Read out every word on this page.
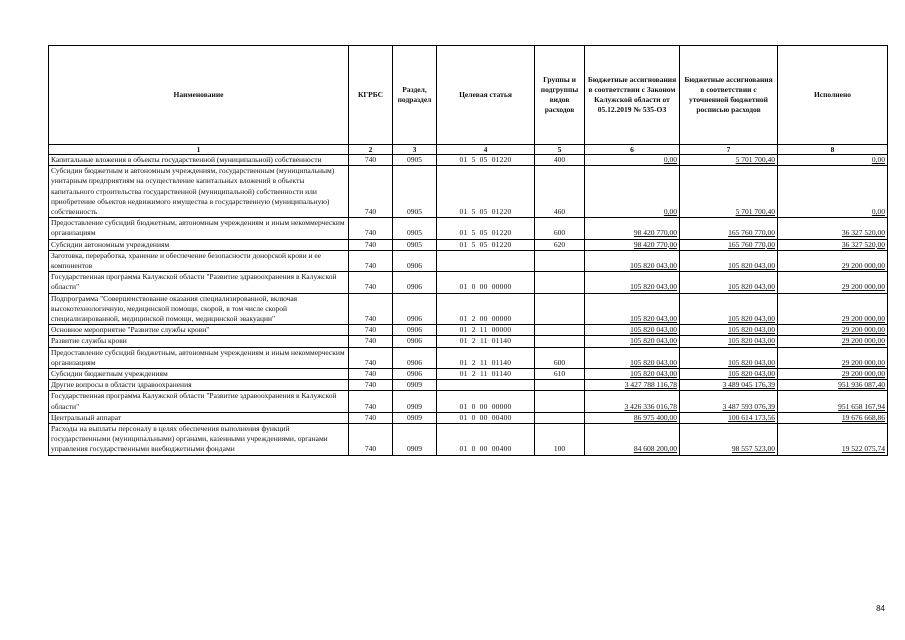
Наименование	КГРБС	Раздел, подраздел	Целевая статья	Группы и подгруппы видов расходов	Бюджетные ассигнования в соответствии с Законом Калужской области от 05.12.2019 № 535-ОЗ	Бюджетные ассигнования в соответствии с уточненной бюджетной росписью расходов	Исполнено
1	2	3	4	5	6	7	8
Капитальные вложения в объекты государственной (муниципальной) собственности	740	0905	01  5  05  01220	400	0,00	5 701 700,40	0,00
Субсидии бюджетным и автономным учреждениям, государственным (муниципальным) унитарным предприятиям на осуществление капитальных вложений в объекты капитального строительства государственной (муниципальной) собственности или приобретение объектов недвижимого имущества в государственную (муниципальную) собственность	740	0905	01  5  05  01220	460	0,00	5 701 700,40	0,00
Предоставление субсидий бюджетным, автономным учреждениям и иным некоммерческим организациям	740	0905	01  5  05  01220	600	98 420 770,00	165 760 770,00	36 327 520,00
Субсидии автономным учреждениям	740	0905	01  5  05  01220	620	98 420 770,00	165 760 770,00	36 327 520,00
Заготовка, переработка, хранение и обеспечение безопасности донорской крови и ее компонентов	740	0906			105 820 043,00	105 820 043,00	29 200 000,00
Государственная программа Калужской области "Развитие здравоохранения в Калужской области"	740	0906	01  0  00  00000		105 820 043,00	105 820 043,00	29 200 000,00
Подпрограмма "Совершенствование оказания специализированной, включая высокотехнологичную, медицинской помощи, скорой, в том числе скорой специализированной, медицинской помощи, медицинской эвакуации"	740	0906	01  2  00  00000		105 820 043,00	105 820 043,00	29 200 000,00
Основное мероприятие "Развитие службы крови"	740	0906	01  2  11  00000		105 820 043,00	105 820 043,00	29 200 000,00
Развитие службы крови	740	0906	01  2  11  01140		105 820 043,00	105 820 043,00	29 200 000,00
Предоставление субсидий бюджетным, автономным учреждениям и иным некоммерческим организациям	740	0906	01  2  11  01140	600	105 820 043,00	105 820 043,00	29 200 000,00
Субсидии бюджетным учреждениям	740	0906	01  2  11  01140	610	105 820 043,00	105 820 043,00	29 200 000,00
Другие вопросы в области здравоохранения	740	0909			3 427 788 116,78	3 489 045 176,39	951 936 087,40
Государственная программа Калужской области "Развитие здравоохранения в Калужской области"	740	0909	01  0  00  00000		3 426 336 016,78	3 487 593 076,39	951 658 167,94
Центральный аппарат	740	0909	01  0  00  00400		86 975 400,00	100 614 173,56	19 676 668,86
Расходы на выплаты персоналу в целях обеспечения выполнения функций государственными (муниципальными) органами, казенными учреждениями, органами управления государственными внебюджетными фондами	740	0909	01  0  00  00400	100	84 608 200,00	98 557 523,00	19 522 075,74
84
